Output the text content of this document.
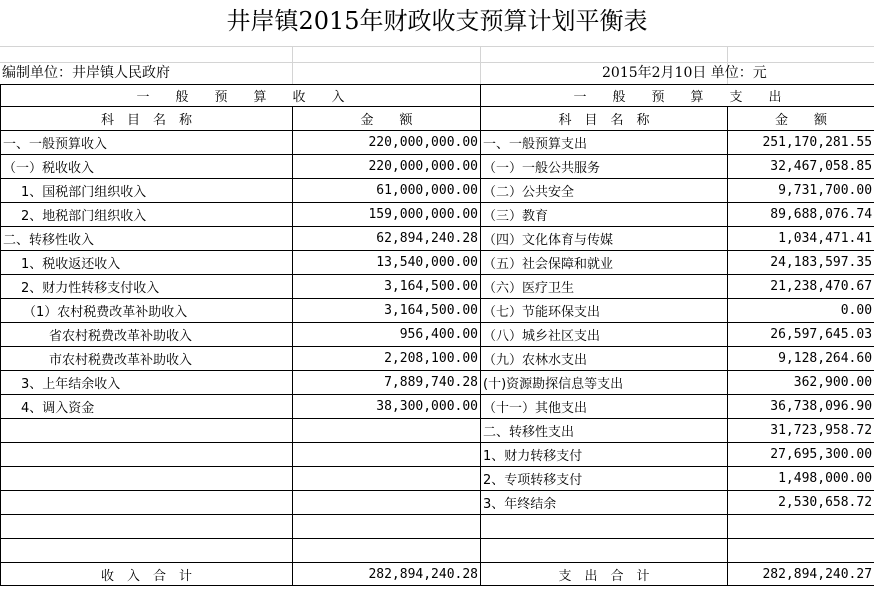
井岸镇2015年财政收支预算计划平衡表
编制单位：井岸镇人民政府	2015年2月10日 单位：元
一　　般　　预　　算　　收　　入		一　　般　　预　　算　　支　　出	
科　目　名　称	金　　额	科　目　名　称	金　　额
一、一般预算收入	220,000,000.00	一、一般预算支出	251,170,281.55
（一）税收收入	220,000,000.00	（一）一般公共服务	32,467,058.85
1、国税部门组织收入	61,000,000.00	（二）公共安全	9,731,700.00
2、地税部门组织收入	159,000,000.00	（三）教育	89,688,076.74
二、转移性收入	62,894,240.28	（四）文化体育与传媒	1,034,471.41
1、税收返还收入	13,540,000.00	（五）社会保障和就业	24,183,597.35
2、财力性转移支付收入	3,164,500.00	（六）医疗卫生	21,238,470.67
（1）农村税费改革补助收入	3,164,500.00	（七）节能环保支出	0.00
省农村税费改革补助收入	956,400.00	（八）城乡社区支出	26,597,645.03
市农村税费改革补助收入	2,208,100.00	（九）农林水支出	9,128,264.60
3、上年结余收入	7,889,740.28	(十)资源勘探信息等支出	362,900.00
4、调入资金	38,300,000.00	（十一）其他支出	36,738,096.90
		二、转移性支出	31,723,958.72
		1、财力转移支付	27,695,300.00
		2、专项转移支付	1,498,000.00
		3、年终结余	2,530,658.72

收　入　合　计	282,894,240.28	支　出　合　计	282,894,240.27
